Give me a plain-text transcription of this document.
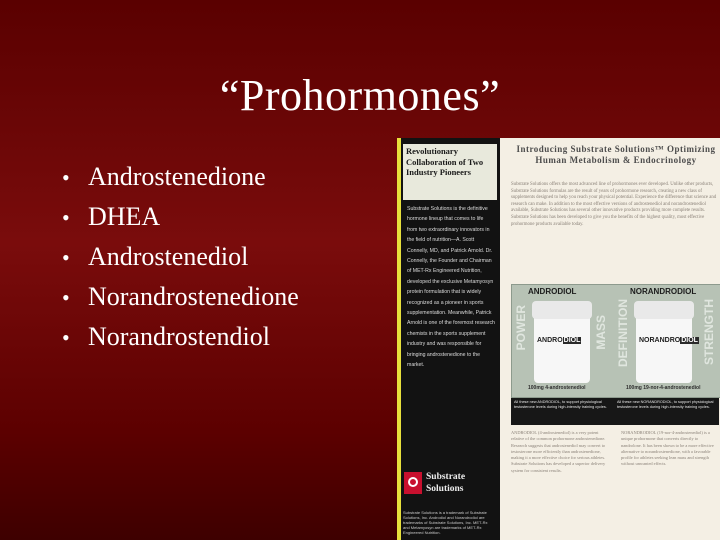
“Prohormones”
• Androstenedione
• DHEA
• Androstenediol
• Norandrostenedione
• Norandrostendiol
Revolutionary Collaboration of Two Industry Pioneers
Substrate Solutions is the definitive hormone lineup that comes to life from two extraordinary innovators in the field of nutrition—A. Scott Connelly, MD, and Patrick Arnold. Dr. Connelly, the Founder and Chairman of MET-Rx Engineered Nutrition, developed the exclusive Metamyosyn protein formulation that is widely recognized as a pioneer in sports supplementation. Meanwhile, Patrick Arnold is one of the foremost research chemists in the sports supplement industry and was responsible for bringing androstenedione to the market.
Substrate Solutions
Substrate Solutions is a trademark of Substrate Solutions, Inc. Androdiol and Norandrodiol are trademarks of Substrate Solutions, Inc. MET-Rx and Metamyosyn are trademarks of MET-Rx Engineered Nutrition.
Introducing Substrate Solutions™ Optimizing Human Metabolism & Endocrinology
Substrate Solutions offers the most advanced line of prohormones ever developed. Unlike other products, Substrate Solutions formulas are the result of years of prohormone research, creating a new class of supplements designed to help you reach your physical potential. Experience the difference that science and research can make. In addition to the most effective versions of androstenediol and norandrostenediol available, Substrate Solutions has several other innovative products providing more complete results. Substrate Solutions has been developed to give you the benefits of the highest quality, most effective prohormone products available today.
ANDRODIOL	NORANDRODIOL
POWER ANDRODIOL	MASS DEFINITION NORANDRODIOL STRENGTH
100mg 4-androstenediol	100mg 19-nor-4-androstenediol
All these new ANDRODIOL, to support physiological testosterone levels during high-intensity training cycles.
All these new NORANDRODIOL, to support physiological testosterone levels during high-intensity training cycles.
ANDRODIOL (4-androstenediol) is a very potent relative of the common prohormone androstenedione. Research suggests that androstenediol may convert to testosterone more efficiently than androstenedione, making it a more effective choice for serious athletes. Substrate Solutions has developed a superior delivery system for consistent results.
NORANDRODIOL (19-nor-4-androstenediol) is a unique prohormone that converts directly to nandrolone. It has been shown to be a more effective alternative to norandrostenedione, with a favorable profile for athletes seeking lean mass and strength without unwanted effects.
